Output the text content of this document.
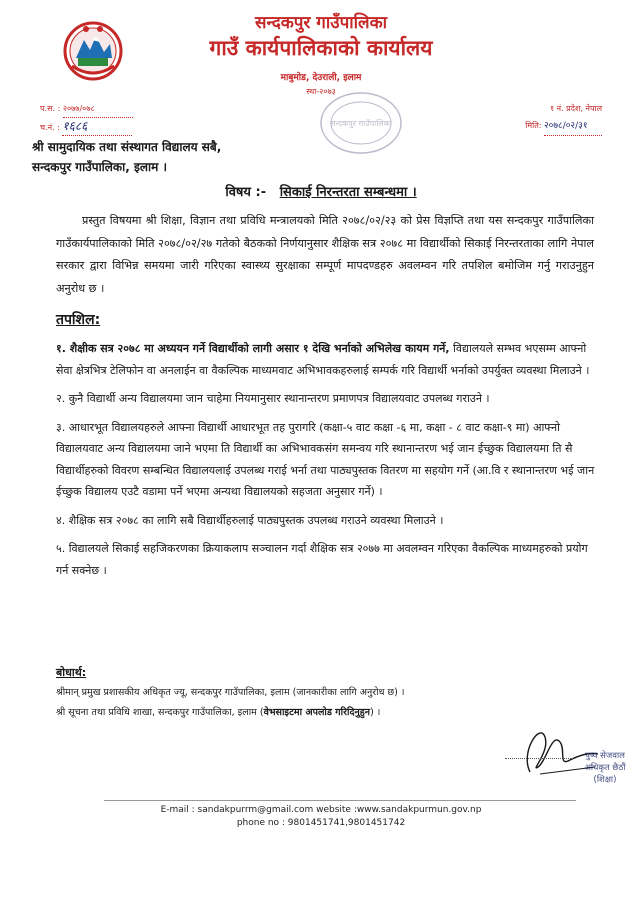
सन्दकपुर गाउँपालिका
गाउँ कार्यपालिकाको कार्यालय
माबुमोड, देउराली, इलाम
स्था-२०७३
प.स. : २०७७/०७८
च.नं. : १६८६
१ नं. प्रदेश, नेपाल
मिति: २०७८/०२/३१
सन्दकपुर गाउँपालिका
श्री सामुदायिक तथा संस्थागत विद्यालय सबै,
सन्दकपुर गाउँपालिका, इलाम ।
विषय :- सिकाई निरन्तरता सम्बन्धमा ।
प्रस्तुत विषयमा श्री शिक्षा, विज्ञान तथा प्रविधि मन्त्रालयको मिति २०७८/०२/२३ को प्रेस विज्ञप्ति तथा यस सन्दकपुर गाउँपालिका गाउँकार्यपालिकाको मिति २०७८/०२/२७ गतेको बैठकको निर्णयानुसार शैक्षिक सत्र २०७८ मा विद्यार्थीको सिकाई निरन्तरताका लागि नेपाल सरकार द्वारा विभिन्न समयमा जारी गरिएका स्वास्थ्य सुरक्षाका सम्पूर्ण मापदण्डहरु अवलम्वन गरि तपशिल बमोजिम गर्नु गराउनुहुन अनुरोध छ ।
तपशिल:
१. शैक्षीक सत्र २०७८ मा अध्ययन गर्ने विद्यार्थीको लागी असार १ देखि भर्नाको अभिलेख कायम गर्ने, विद्यालयले सम्भव भएसम्म आफ्नो सेवा क्षेत्रभित्र टेलिफोन वा अनलाईन वा वैकल्पिक माध्यमवाट अभिभावकहरुलाई सम्पर्क गरि विद्यार्थी भर्नाको उपर्युक्त व्यवस्था मिलाउने ।
२. कुनै विद्यार्थी अन्य विद्यालयमा जान चाहेमा नियमानुसार स्थानान्तरण प्रमाणपत्र विद्यालयवाट उपलब्ध गराउने ।
३. आधारभूत विद्यालयहरुले आफ्ना विद्यार्थी आधारभूत तह पुरागरि (कक्षा-५ वाट कक्षा -६ मा, कक्षा - ८ वाट कक्षा-९ मा) आफ्नो विद्यालयवाट अन्य विद्यालयमा जाने भएमा ति विद्यार्थी का अभिभावकसंग समन्वय गरि स्थानान्तरण भई जान ईच्छुक विद्यालयमा ति सै विद्यार्थीहरुको विवरण सम्बन्धित विद्यालयलाई उपलब्ध गराई भर्ना तथा पाठ्यपुस्तक वितरण मा सहयोग गर्ने (आ.वि र स्थानान्तरण भई जान ईच्छुक विद्यालय एउटै वडामा पर्ने भएमा अन्यथा विद्यालयको सहजता अनुसार गर्ने) ।
४. शैक्षिक सत्र २०७८ का लागि सबै विद्यार्थीहरुलाई पाठ्यपुस्तक उपलब्ध गराउने व्यवस्था मिलाउने ।
५. विद्यालयले सिकाई सहजिकरणका क्रियाकलाप सञ्चालन गर्दा शैक्षिक सत्र २०७७ मा अवलम्वन गरिएका वैकल्पिक माध्यमहरुको प्रयोग गर्न सक्नेछ ।
बोधार्थ:
श्रीमान् प्रमुख प्रशासकीय अधिकृत ज्यू, सन्दकपुर गाउँपालिका, इलाम (जानकारीका लागि अनुरोध छ) ।
श्री सूचना तथा प्रविधि शाखा, सन्दकपुर गाउँपालिका, इलाम (वेभसाइटमा अपलोड गरिदिनुहुन) ।
पुष्प सेजवाल
अधिकृत छैठौं
(शिक्षा)
E-mail : sandakpurrm@gmail.com website :www.sandakpurmun.gov.np
phone no : 9801451741,9801451742
